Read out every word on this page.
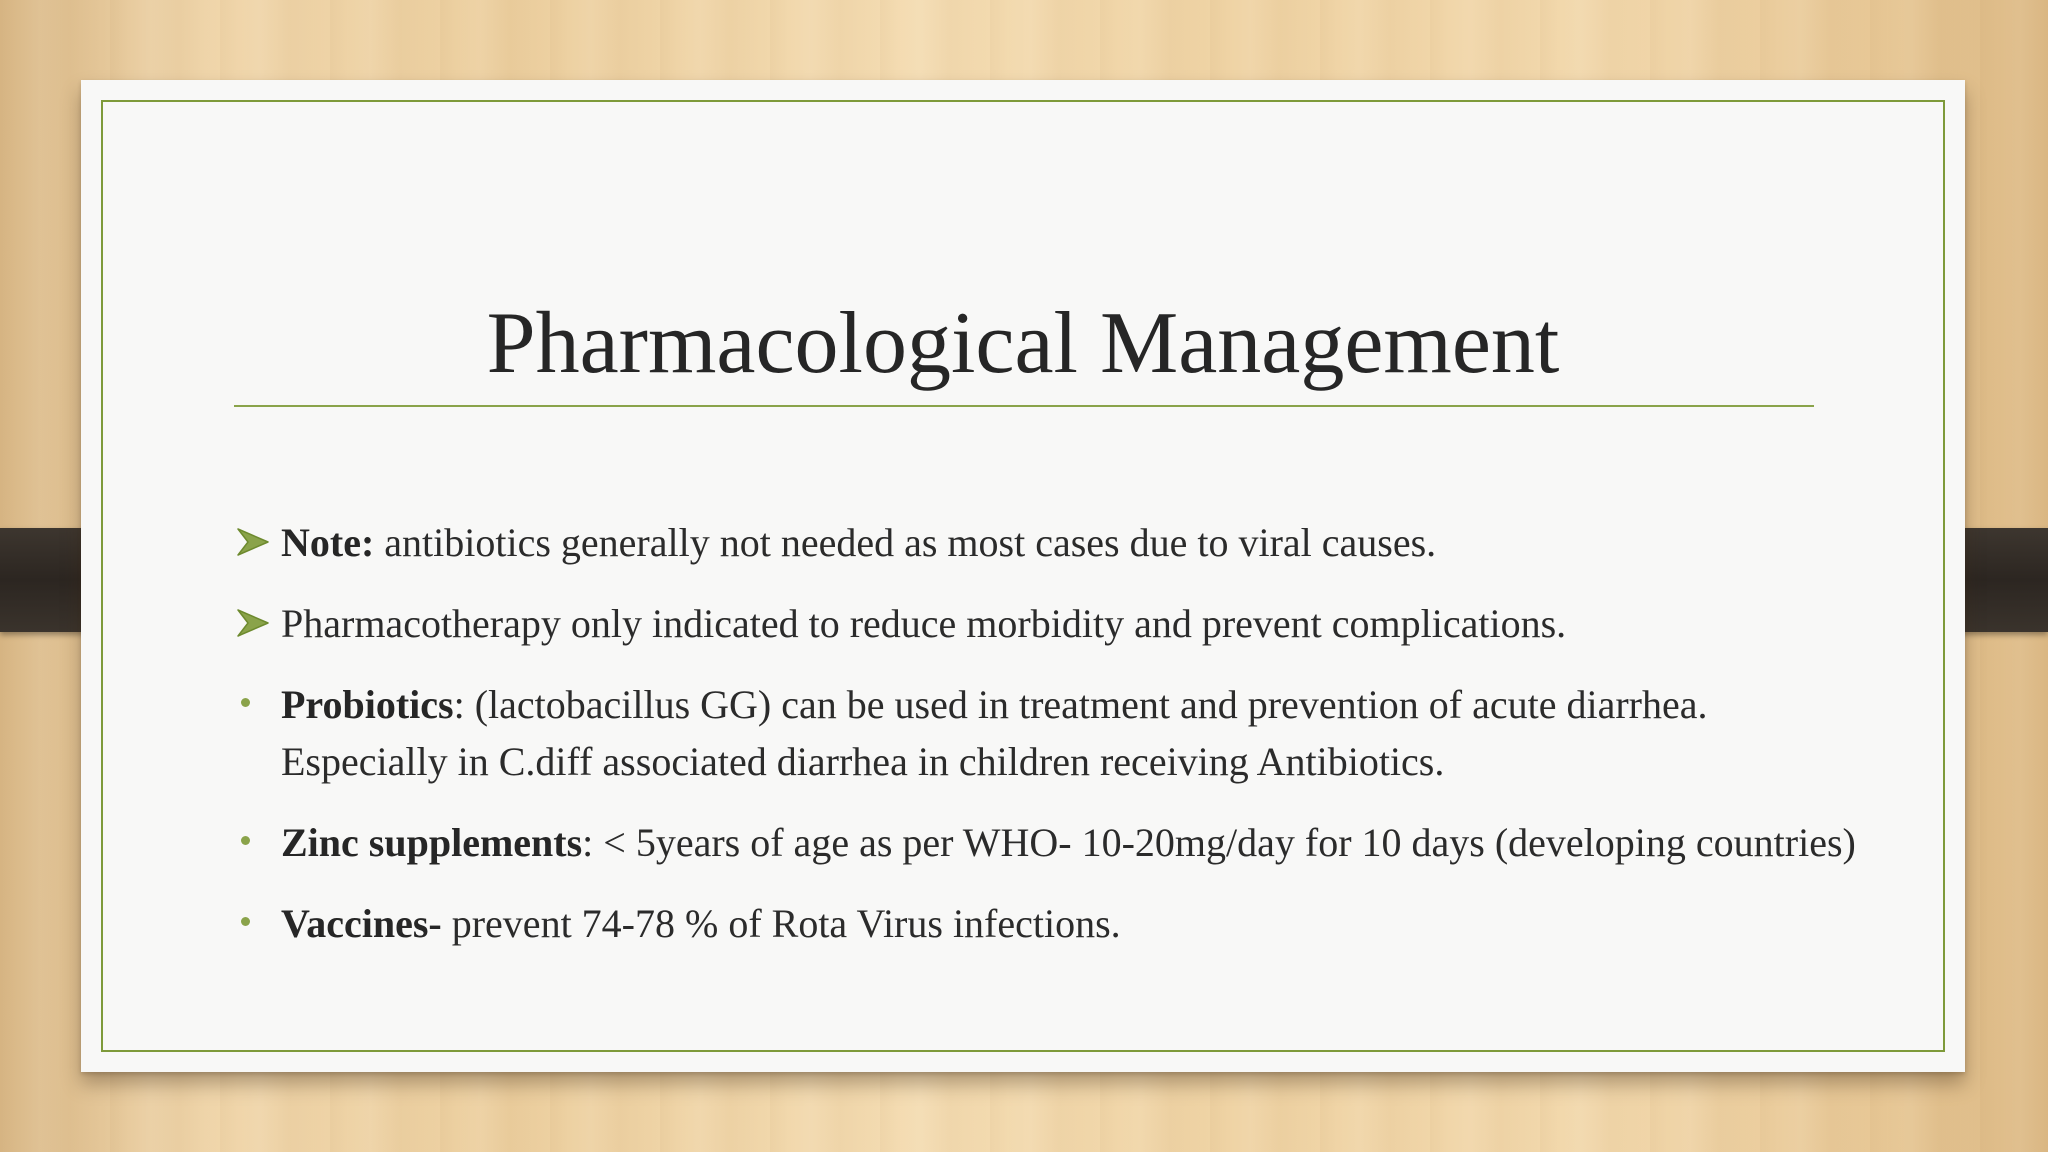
Pharmacological Management
Note: antibiotics generally not needed as most cases due to viral causes.
Pharmacotherapy only indicated to reduce morbidity and prevent complications.
Probiotics: (lactobacillus GG) can be used in treatment and prevention of acute diarrhea. Especially in C.diff associated diarrhea in children receiving Antibiotics.
Zinc supplements: < 5years of age as per WHO- 10-20mg/day for 10 days (developing countries)
Vaccines- prevent 74-78 % of Rota Virus infections.
